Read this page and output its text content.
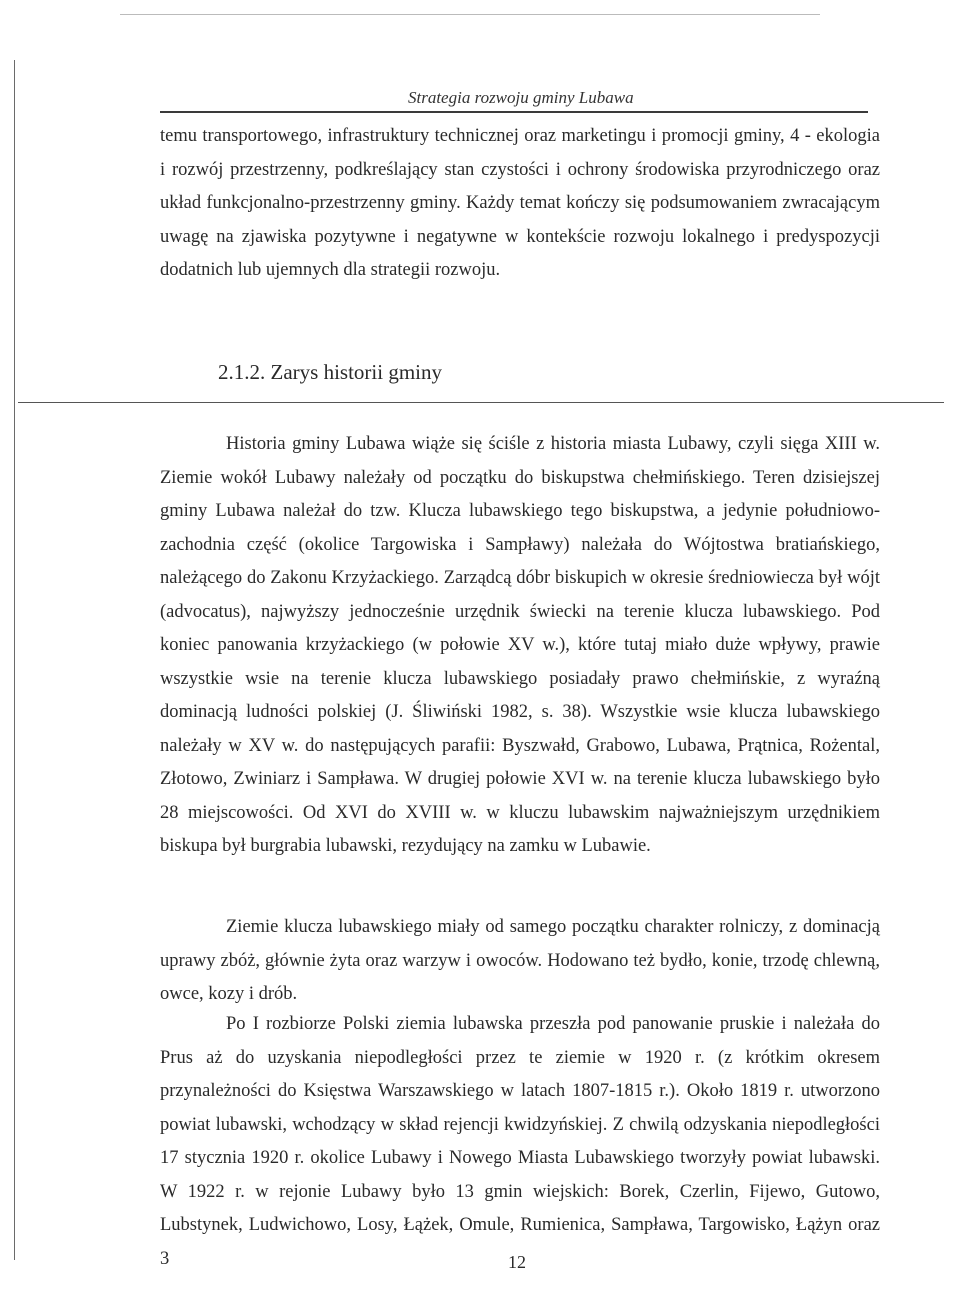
Strategia rozwoju gminy Lubawa

temu transportowego, infrastruktury technicznej oraz marketingu i promocji gminy, 4 - ekologia i rozwój przestrzenny, podkreślający stan czystości i ochrony środowiska przyrodniczego oraz układ funkcjonalno-przestrzenny gminy. Każdy temat kończy się podsumowaniem zwracającym uwagę na zjawiska pozytywne i negatywne w kontekście rozwoju lokalnego i predyspozycji dodatnich lub ujemnych dla strategii rozwoju.

2.1.2. Zarys historii gminy

Historia gminy Lubawa wiąże się ściśle z historia miasta Lubawy, czyli sięga XIII w. Ziemie wokół Lubawy należały od początku do biskupstwa chełmińskiego. Teren dzisiejszej gminy Lubawa należał do tzw. Klucza lubawskiego tego biskupstwa, a jedynie południowo-zachodnia część (okolice Targowiska i Sampławy) należała do Wójtostwa bratiańskiego, należącego do Zakonu Krzyżackiego. Zarządcą dóbr biskupich w okresie średniowiecza był wójt (advocatus), najwyższy jednocześnie urzędnik świecki na terenie klucza lubawskiego. Pod koniec panowania krzyżackiego (w połowie XV w.), które tutaj miało duże wpływy, prawie wszystkie wsie na terenie klucza lubawskiego posiadały prawo chełmińskie, z wyraźną dominacją ludności polskiej (J. Śliwiński 1982, s. 38). Wszystkie wsie klucza lubawskiego należały w XV w. do następujących parafii: Byszwałd, Grabowo, Lubawa, Prątnica, Rożental, Złotowo, Zwiniarz i Sampława. W drugiej połowie XVI w. na terenie klucza lubawskiego było 28 miejscowości. Od XVI do XVIII w. w kluczu lubawskim najważniejszym urzędnikiem biskupa był burgrabia lubawski, rezydujący na zamku w Lubawie.

Ziemie klucza lubawskiego miały od samego początku charakter rolniczy, z dominacją uprawy zbóż, głównie żyta oraz warzyw i owoców. Hodowano też bydło, konie, trzodę chlewną, owce, kozy i drób.

Po I rozbiorze Polski ziemia lubawska przeszła pod panowanie pruskie i należała do Prus aż do uzyskania niepodległości przez te ziemie w 1920 r. (z krótkim okresem przynależności do Księstwa Warszawskiego w latach 1807-1815 r.). Około 1819 r. utworzono powiat lubawski, wchodzący w skład rejencji kwidzyńskiej. Z chwilą odzyskania niepodległości 17 stycznia 1920 r. okolice Lubawy i Nowego Miasta Lubawskiego tworzyły powiat lubawski. W 1922 r. w rejonie Lubawy było 13 gmin wiejskich: Borek, Czerlin, Fijewo, Gutowo, Lubstynek, Ludwichowo, Losy, Łążek, Omule, Rumienica, Sampława, Targowisko, Łążyn oraz 3	12
